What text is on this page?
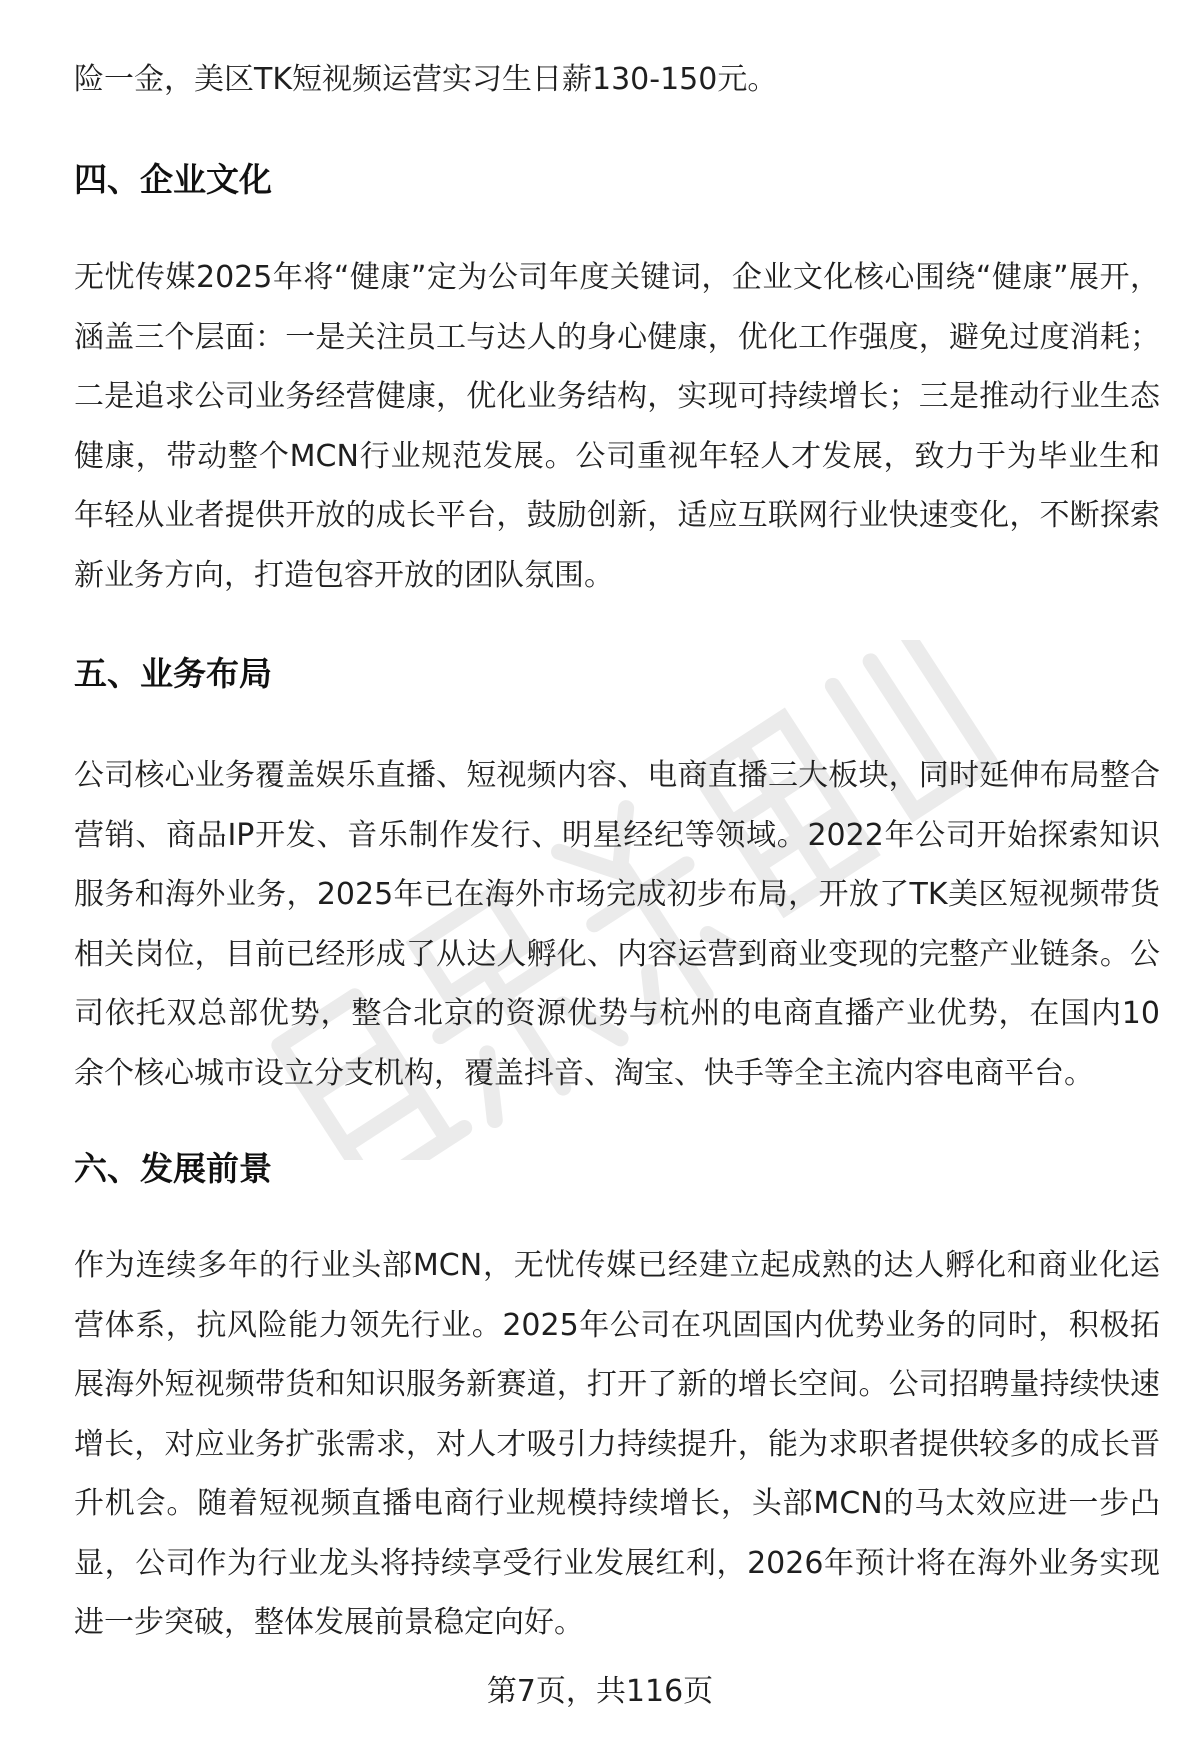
险一金，美区TK短视频运营实习生日薪130-150元。

四、企业文化

无忧传媒2025年将“健康”定为公司年度关键词，企业文化核心围绕“健康”展开，涵盖三个层面：一是关注员工与达人的身心健康，优化工作强度，避免过度消耗；二是追求公司业务经营健康，优化业务结构，实现可持续增长；三是推动行业生态健康，带动整个MCN行业规范发展。公司重视年轻人才发展，致力于为毕业生和年轻从业者提供开放的成长平台，鼓励创新，适应互联网行业快速变化，不断探索新业务方向，打造包容开放的团队氛围。

五、业务布局

公司核心业务覆盖娱乐直播、短视频内容、电商直播三大板块，同时延伸布局整合营销、商品IP开发、音乐制作发行、明星经纪等领域。2022年公司开始探索知识服务和海外业务，2025年已在海外市场完成初步布局，开放了TK美区短视频带货相关岗位，目前已经形成了从达人孵化、内容运营到商业变现的完整产业链条。公司依托双总部优势，整合北京的资源优势与杭州的电商直播产业优势，在国内10余个核心城市设立分支机构，覆盖抖音、淘宝、快手等全主流内容电商平台。

六、发展前景

作为连续多年的行业头部MCN，无忧传媒已经建立起成熟的达人孵化和商业化运营体系，抗风险能力领先行业。2025年公司在巩固国内优势业务的同时，积极拓展海外短视频带货和知识服务新赛道，打开了新的增长空间。公司招聘量持续快速增长，对应业务扩张需求，对人才吸引力持续提升，能为求职者提供较多的成长晋升机会。随着短视频直播电商行业规模持续增长，头部MCN的马太效应进一步凸显，公司作为行业龙头将持续享受行业发展红利，2026年预计将在海外业务实现进一步突破，整体发展前景稳定向好。

第7页，共116页
